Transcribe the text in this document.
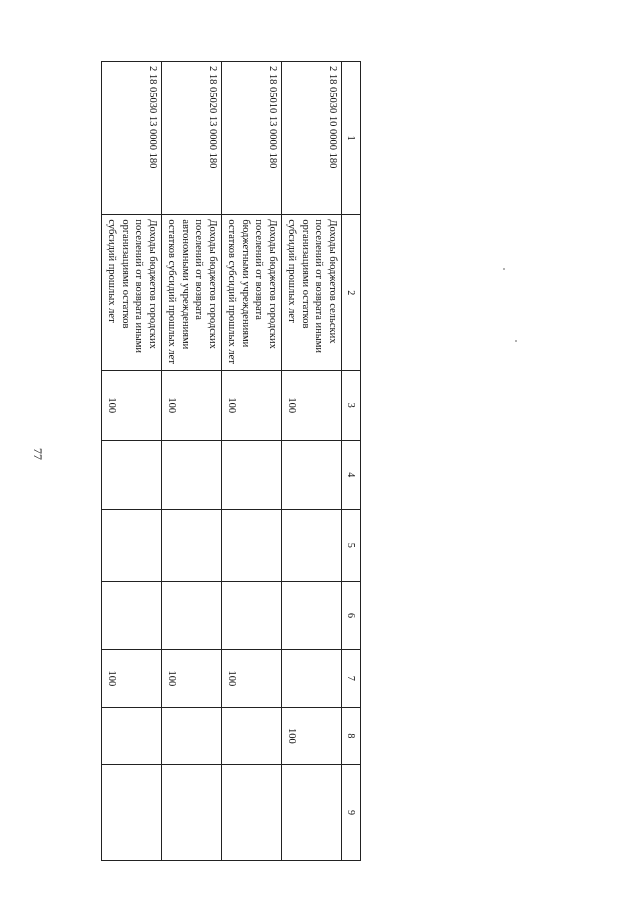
77
1	2	3	4	5	6	7	8	9
2 18 05030 10 0000 180	Доходы бюджетов сельских поселений от возврата иными организациями остатков субсидий прошлых лет	100					100	
2 18 05010 13 0000 180	Доходы бюджетов городских поселений от возврата бюджетными учреждениями остатков субсидий прошлых лет	100				100		
2 18 05020 13 0000 180	Доходы бюджетов городских поселений от возврата автономными учреждениями остатков субсидий прошлых лет	100				100		
2 18 05030 13 0000 180	Доходы бюджетов городских поселений от возврата иными организациями остатков субсидий прошлых лет	100				100		
